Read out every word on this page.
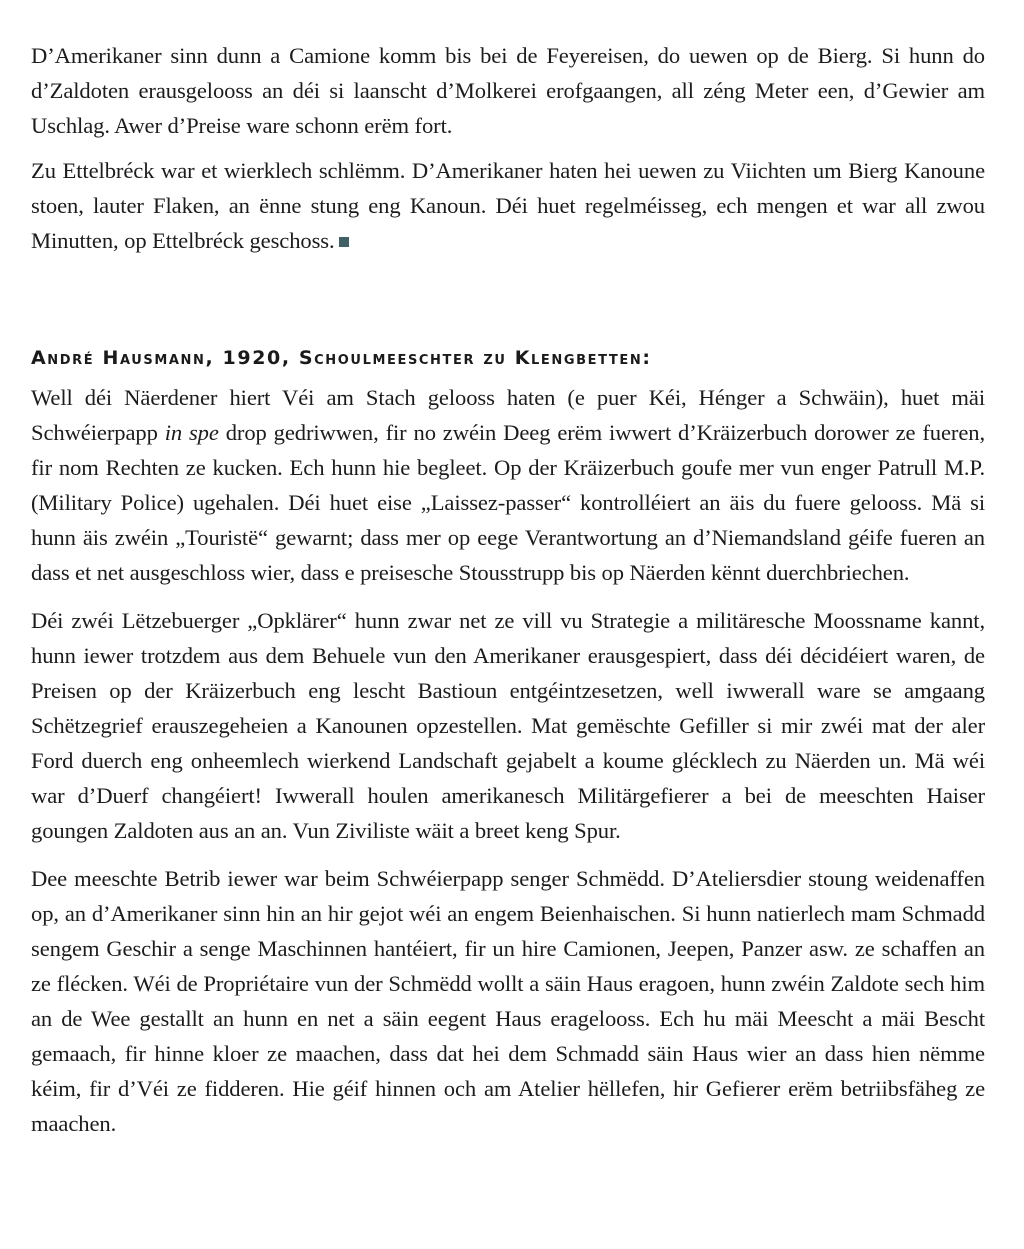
D’Amerikaner sinn dunn a Camione komm bis bei de Feyereisen, do uewen op de Bierg. Si hunn do d’Zaldoten erausgelooss an déi si laanscht d’Molkerei erofgaangen, all zéng Meter een, d’Gewier am Uschlag. Awer d’Preise ware schonn erëm fort.

Zu Ettelbréck war et wierklech schlëmm. D’Amerikaner haten hei uewen zu Viichten um Bierg Kanoune stoen, lauter Flaken, an ënne stung eng Kanoun. Déi huet regelméisseg, ech mengen et war all zwou Minutten, op Ettelbréck geschoss.

André Hausmann, 1920, Schoulmeeschter zu Klengbetten:

Well déi Näerdener hiert Véi am Stach gelooss haten (e puer Kéi, Hénger a Schwäin), huet mäi Schwéierpapp in spe drop gedriwwen, fir no zwéin Deeg erëm iwwert d’Kräizerbuch dorower ze fueren, fir nom Rechten ze kucken. Ech hunn hie begleet. Op der Kräizerbuch goufe mer vun enger Patrull M.P. (Military Police) ugehalen. Déi huet eise „Laissez-passer“ kontrolléiert an äis du fuere gelooss. Mä si hunn äis zwéin „Touristë“ gewarnt; dass mer op eege Verantwortung an d’Niemandsland géife fueren an dass et net ausgeschloss wier, dass e preisesche Stousstrupp bis op Näerden kënnt duerchbriechen.

Déi zwéi Lëtzebuerger „Opklärer“ hunn zwar net ze vill vu Strategie a militäresche Moossname kannt, hunn iewer trotzdem aus dem Behuele vun den Amerikaner erausgespiert, dass déi décidéiert waren, de Preisen op der Kräizerbuch eng lescht Bastioun entgéintzesetzen, well iwwerall ware se amgaang Schëtzegrief erauszegeheien a Kanounen opzestellen. Mat gemëschte Gefiller si mir zwéi mat der aler Ford duerch eng onheemlech wierkend Landschaft gejabelt a koume glécklech zu Näerden un. Mä wéi war d’Duerf changéiert! Iwwerall houlen amerikanesch Militärgefierer a bei de meeschten Haiser goungen Zaldoten aus an an. Vun Ziviliste wäit a breet keng Spur.

Dee meeschte Betrib iewer war beim Schwéierpapp senger Schmëdd. D’Ateliersdier stoung weidenaffen op, an d’Amerikaner sinn hin an hir gejot wéi an engem Beienhaischen. Si hunn natierlech mam Schmadd sengem Geschir a senge Maschinnen hantéiert, fir un hire Camionen, Jeepen, Panzer asw. ze schaffen an ze flécken. Wéi de Propriétaire vun der Schmëdd wollt a säin Haus eragoen, hunn zwéin Zaldote sech him an de Wee gestallt an hunn en net a säin eegent Haus eragelooss. Ech hu mäi Meescht a mäi Bescht gemaach, fir hinne kloer ze maachen, dass dat hei dem Schmadd säin Haus wier an dass hien nëmme kéim, fir d’Véi ze fidderen. Hie géif hinnen och am Atelier hëllefen, hir Gefierer erëm betriibsfäheg ze maachen.
